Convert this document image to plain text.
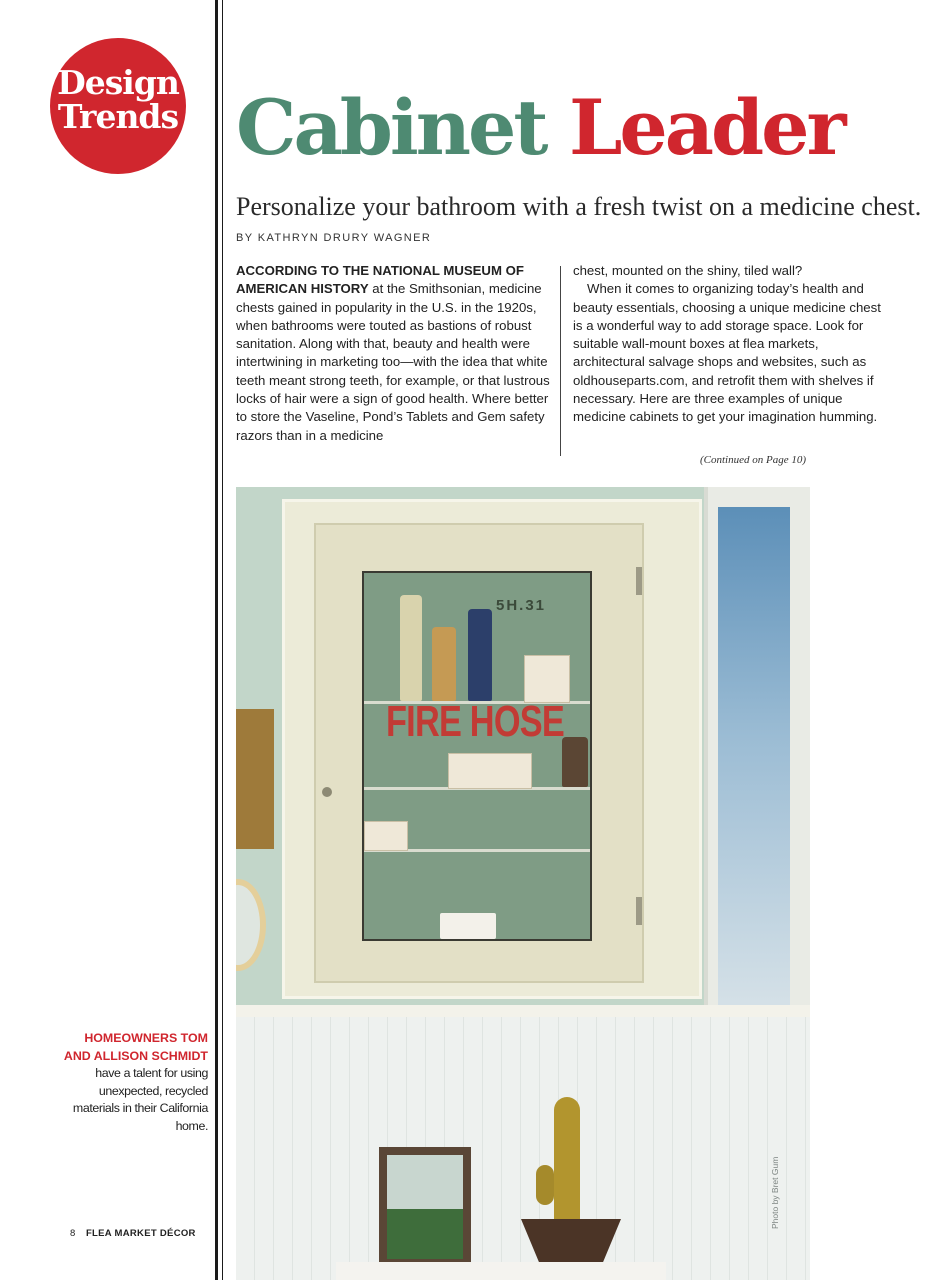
Design
Trends Cabinet Leader
Personalize your bathroom with a fresh twist on a medicine chest.
BY KATHRYN DRURY WAGNER
ACCORDING TO THE NATIONAL MUSEUM OF AMERICAN HISTORY at the Smithsonian, medicine chests gained in popularity in the U.S. in the 1920s, when bathrooms were touted as bastions of robust sanitation. Along with that, beauty and health were intertwining in marketing too—with the idea that white teeth meant strong teeth, for example, or that lustrous locks of hair were a sign of good health. Where better to store the Vaseline, Pond’s Tablets and Gem safety razors than in a medicine
chest, mounted on the shiny, tiled wall?
When it comes to organizing today’s health and beauty essentials, choosing a unique medicine chest is a wonderful way to add storage space. Look for suitable wall-mount boxes at flea markets, architectural salvage shops and websites, such as oldhouseparts.com, and retrofit them with shelves if necessary. Here are three examples of unique medicine cabinets to get your imagination humming.
(Continued on Page 10)
5H.31
FIRE HOSE
Photo by Bret Gum
HOMEOWNERS TOM AND ALLISON SCHMIDT have a talent for using unexpected, recycled materials in their California home.
8 FLEA MARKET DÉCOR
